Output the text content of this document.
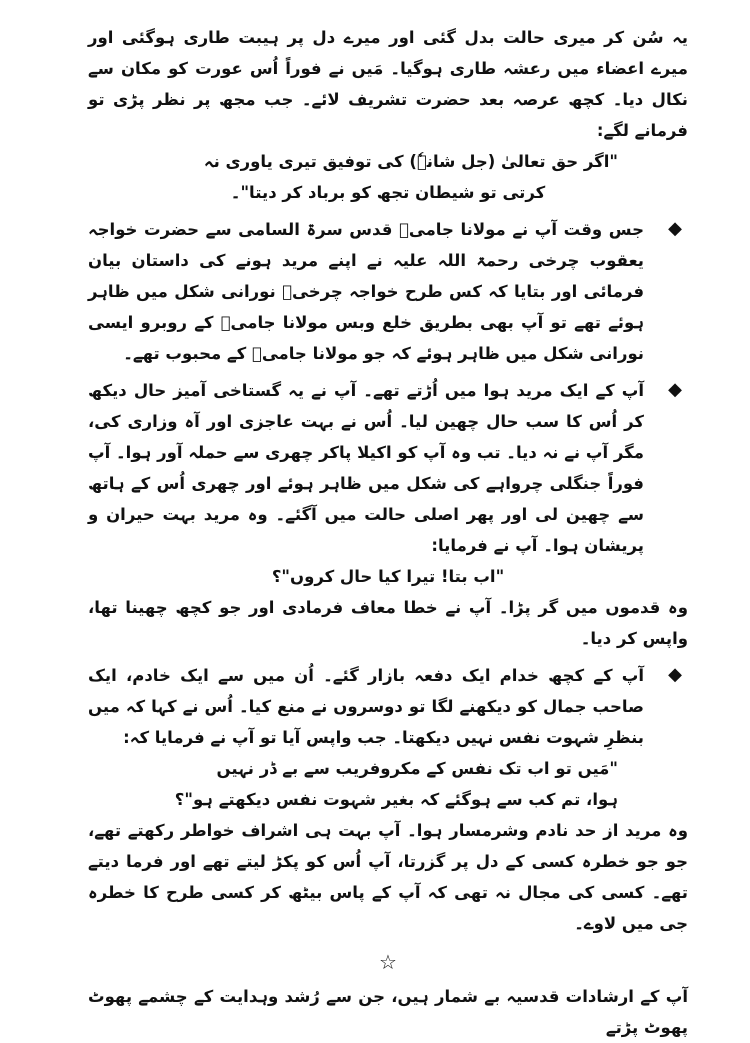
یہ سُن کر میری حالت بدل گئی اور میرے دل پر ہیبت طاری ہوگئی اور میرے اعضاء میں رعشہ طاری ہوگیا۔ مَیں نے فوراً اُس عورت کو مکان سے نکال دیا۔ کچھ عرصہ بعد حضرت تشریف لائے۔ جب مجھ پر نظر پڑی تو فرمانے لگے:

"اگر حق تعالیٰ (جل شانہٗ) کی توفیق تیری یاوری نہ

کرتی تو شیطان تجھ کو برباد کر دیتا"۔

◆
جس وقت آپ نے مولانا جامیؒ قدس سرۃ السامی سے حضرت خواجہ یعقوب چرخی رحمۃ اللہ علیہ نے اپنے مرید ہونے کی داستان بیان فرمائی اور بتایا کہ کس طرح خواجہ چرخیؒ نورانی شکل میں ظاہر ہوئے تھے تو آپ بھی بطریق خلع وبس مولانا جامیؒ کے روبرو ایسی نورانی شکل میں ظاہر ہوئے کہ جو مولانا جامیؒ کے محبوب تھے۔
◆
آپ کے ایک مرید ہوا میں اُڑتے تھے۔ آپ نے یہ گستاخی آمیز حال دیکھ کر اُس کا سب حال چھین لیا۔ اُس نے بہت عاجزی اور آہ وزاری کی، مگر آپ نے نہ دیا۔ تب وہ آپ کو اکیلا پاکر چھری سے حملہ آور ہوا۔ آپ فوراً جنگلی چرواہے کی شکل میں ظاہر ہوئے اور چھری اُس کے ہاتھ سے چھین لی اور پھر اصلی حالت میں آگئے۔ وہ مرید بہت حیران و پریشان ہوا۔ آپ نے فرمایا:

"اب بتا! تیرا کیا حال کروں"؟

وہ قدموں میں گر پڑا۔ آپ نے خطا معاف فرمادی اور جو کچھ چھینا تھا، واپس کر دیا۔

◆
آپ کے کچھ خدام ایک دفعہ بازار گئے۔ اُن میں سے ایک خادم، ایک صاحب جمال کو دیکھنے لگا تو دوسروں نے منع کیا۔ اُس نے کہا کہ میں بنظرِ شہوت نفس نہیں دیکھتا۔ جب واپس آیا تو آپ نے فرمایا کہ:

"مَیں تو اب تک نفس کے مکروفریب سے بے ڈر نہیں

ہوا، تم کب سے ہوگئے کہ بغیر شہوت نفس دیکھتے ہو"؟

وہ مرید از حد نادم وشرمسار ہوا۔ آپ بہت ہی اشراف خواطر رکھتے تھے، جو جو خطرہ کسی کے دل پر گزرتا، آپ اُس کو پکڑ لیتے تھے اور فرما دیتے تھے۔ کسی کی مجال نہ تھی کہ آپ کے پاس بیٹھ کر کسی طرح کا خطرہ جی میں لاوے۔

☆

آپ کے ارشادات قدسیہ بے شمار ہیں، جن سے رُشد وہدایت کے چشمے پھوٹ پھوٹ پڑتے
